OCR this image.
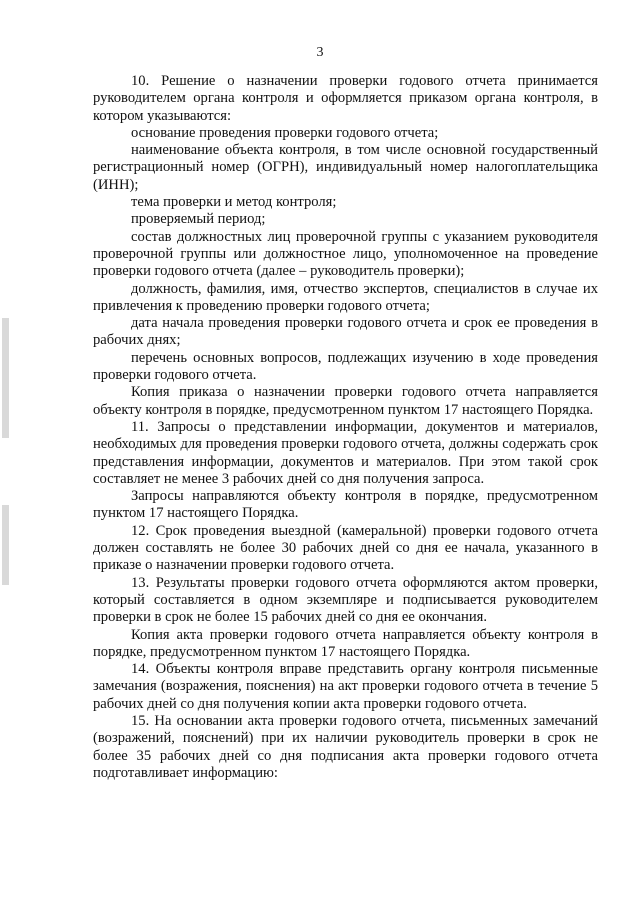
3

10. Решение о назначении проверки годового отчета принимается руководителем органа контроля и оформляется приказом органа контроля, в котором указываются:

основание проведения проверки годового отчета;

наименование объекта контроля, в том числе основной государственный регистрационный номер (ОГРН), индивидуальный номер налогоплательщика (ИНН);

тема проверки и метод контроля;

проверяемый период;

состав должностных лиц проверочной группы с указанием руководителя проверочной группы или должностное лицо, уполномоченное на проведение проверки годового отчета (далее – руководитель проверки);

должность, фамилия, имя, отчество экспертов, специалистов в случае их привлечения к проведению проверки годового отчета;

дата начала проведения проверки годового отчета и срок ее проведения в рабочих днях;

перечень основных вопросов, подлежащих изучению в ходе проведения проверки годового отчета.

Копия приказа о назначении проверки годового отчета направляется объекту контроля в порядке, предусмотренном пунктом 17 настоящего Порядка.

11. Запросы о представлении информации, документов и материалов, необходимых для проведения проверки годового отчета, должны содержать срок представления информации, документов и материалов. При этом такой срок составляет не менее 3 рабочих дней со дня получения запроса.

Запросы направляются объекту контроля в порядке, предусмотренном пунктом 17 настоящего Порядка.

12. Срок проведения выездной (камеральной) проверки годового отчета должен составлять не более 30 рабочих дней со дня ее начала, указанного в приказе о назначении проверки годового отчета.

13. Результаты проверки годового отчета оформляются актом проверки, который составляется в одном экземпляре и подписывается руководителем проверки в срок не более 15 рабочих дней со дня ее окончания.

Копия акта проверки годового отчета направляется объекту контроля в порядке, предусмотренном пунктом 17 настоящего Порядка.

14. Объекты контроля вправе представить органу контроля письменные замечания (возражения, пояснения) на акт проверки годового отчета в течение 5 рабочих дней со дня получения копии акта проверки годового отчета.

15. На основании акта проверки годового отчета, письменных замечаний (возражений, пояснений) при их наличии руководитель проверки в срок не более 35 рабочих дней со дня подписания акта проверки годового отчета подготавливает информацию:
